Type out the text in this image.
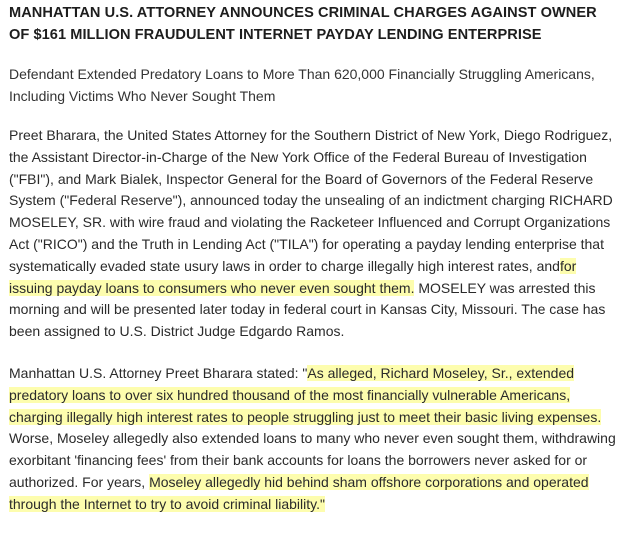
MANHATTAN U.S. ATTORNEY ANNOUNCES CRIMINAL CHARGES AGAINST OWNER OF $161 MILLION FRAUDULENT INTERNET PAYDAY LENDING ENTERPRISE

Defendant Extended Predatory Loans to More Than 620,000 Financially Struggling Americans, Including Victims Who Never Sought Them

Preet Bharara, the United States Attorney for the Southern District of New York, Diego Rodriguez, the Assistant Director-in-Charge of the New York Office of the Federal Bureau of Investigation ("FBI"), and Mark Bialek, Inspector General for the Board of Governors of the Federal Reserve System ("Federal Reserve"), announced today the unsealing of an indictment charging RICHARD MOSELEY, SR. with wire fraud and violating the Racketeer Influenced and Corrupt Organizations Act ("RICO") and the Truth in Lending Act ("TILA") for operating a payday lending enterprise that systematically evaded state usury laws in order to charge illegally high interest rates, andfor issuing payday loans to consumers who never even sought them. MOSELEY was arrested this morning and will be presented later today in federal court in Kansas City, Missouri. The case has been assigned to U.S. District Judge Edgardo Ramos.

Manhattan U.S. Attorney Preet Bharara stated: "As alleged, Richard Moseley, Sr., extended predatory loans to over six hundred thousand of the most financially vulnerable Americans, charging illegally high interest rates to people struggling just to meet their basic living expenses. Worse, Moseley allegedly also extended loans to many who never even sought them, withdrawing exorbitant 'financing fees' from their bank accounts for loans the borrowers never asked for or authorized. For years, Moseley allegedly hid behind sham offshore corporations and operated through the Internet to try to avoid criminal liability."
